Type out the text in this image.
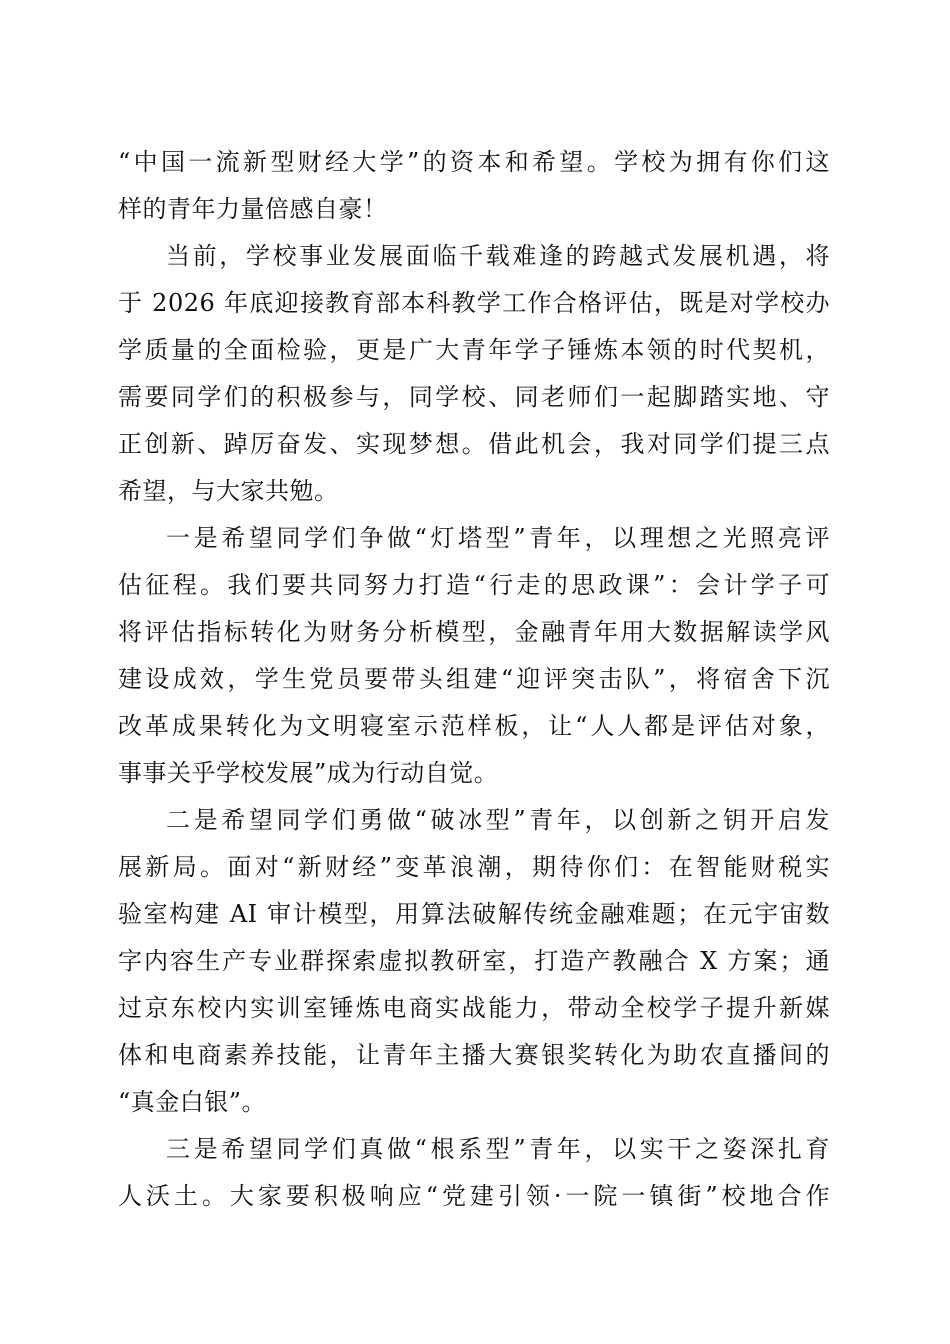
“中国一流新型财经大学”的资本和希望。学校为拥有你们这
样的青年力量倍感自豪！
当前，学校事业发展面临千载难逢的跨越式发展机遇，将
于 2026 年底迎接教育部本科教学工作合格评估，既是对学校办
学质量的全面检验，更是广大青年学子锤炼本领的时代契机，
需要同学们的积极参与，同学校、同老师们一起脚踏实地、守
正创新、踔厉奋发、实现梦想。借此机会，我对同学们提三点
希望，与大家共勉。
一是希望同学们争做“灯塔型”青年，以理想之光照亮评
估征程。我们要共同努力打造“行走的思政课”：会计学子可
将评估指标转化为财务分析模型，金融青年用大数据解读学风
建设成效，学生党员要带头组建“迎评突击队”，将宿舍下沉
改革成果转化为文明寝室示范样板，让“人人都是评估对象，
事事关乎学校发展”成为行动自觉。
二是希望同学们勇做“破冰型”青年，以创新之钥开启发
展新局。面对“新财经”变革浪潮，期待你们：在智能财税实
验室构建 AI 审计模型，用算法破解传统金融难题；在元宇宙数
字内容生产专业群探索虚拟教研室，打造产教融合 X 方案；通
过京东校内实训室锤炼电商实战能力，带动全校学子提升新媒
体和电商素养技能，让青年主播大赛银奖转化为助农直播间的
“真金白银”。
三是希望同学们真做“根系型”青年，以实干之姿深扎育
人沃土。大家要积极响应“党建引领·一院一镇街”校地合作
